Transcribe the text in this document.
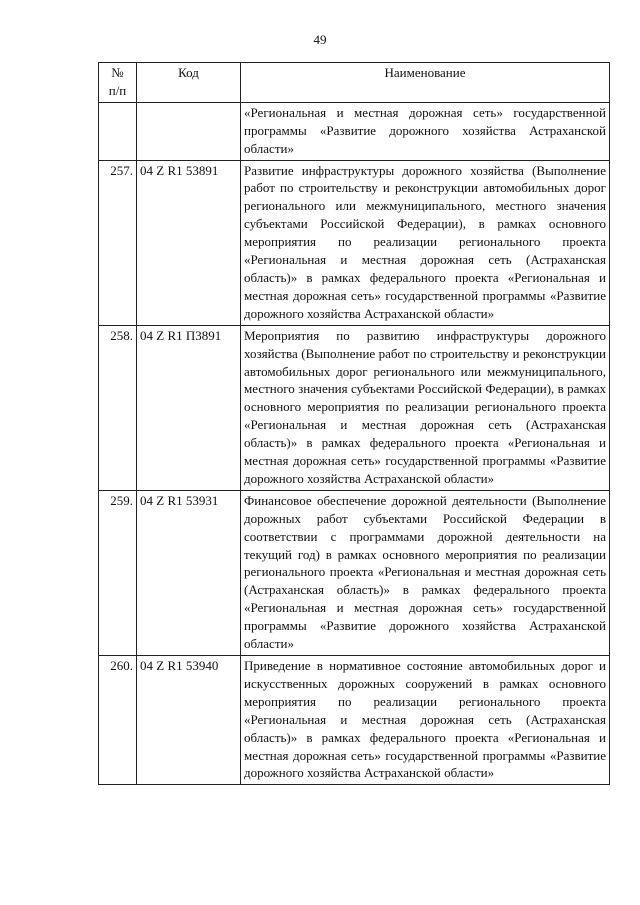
49
№
п/п	Код	Наименование
		«Региональная и местная дорожная сеть» государственной программы «Развитие дорожного хозяйства Астраханской области»
257.	04 Z R1 53891	Развитие инфраструктуры дорожного хозяйства (Выполнение работ по строительству и реконструкции автомобильных дорог регионального или межмуниципального, местного значения субъектами Российской Федерации), в рамках основного мероприятия по реализации регионального проекта «Региональная и местная дорожная сеть (Астраханская область)» в рамках федерального проекта «Региональная и местная дорожная сеть» государственной программы «Развитие дорожного хозяйства Астраханской области»
258.	04 Z R1 П3891	Мероприятия по развитию инфраструктуры дорожного хозяйства (Выполнение работ по строительству и реконструкции автомобильных дорог регионального или межмуниципального, местного значения субъектами Российской Федерации), в рамках основного мероприятия по реализации регионального проекта «Региональная и местная дорожная сеть (Астраханская область)» в рамках федерального проекта «Региональная и местная дорожная сеть» государственной программы «Развитие дорожного хозяйства Астраханской области»
259.	04 Z R1 53931	Финансовое обеспечение дорожной деятельности (Выполнение дорожных работ субъектами Российской Федерации в соответствии с программами дорожной деятельности на текущий год) в рамках основного мероприятия по реализации регионального проекта «Региональная и местная дорожная сеть (Астраханская область)» в рамках федерального проекта «Региональная и местная дорожная сеть» государственной программы «Развитие дорожного хозяйства Астраханской области»
260.	04 Z R1 53940	Приведение в нормативное состояние автомобильных дорог и искусственных дорожных сооружений в рамках основного мероприятия по реализации регионального проекта «Региональная и местная дорожная сеть (Астраханская область)» в рамках федерального проекта «Региональная и местная дорожная сеть» государственной программы «Развитие дорожного хозяйства Астраханской области»
